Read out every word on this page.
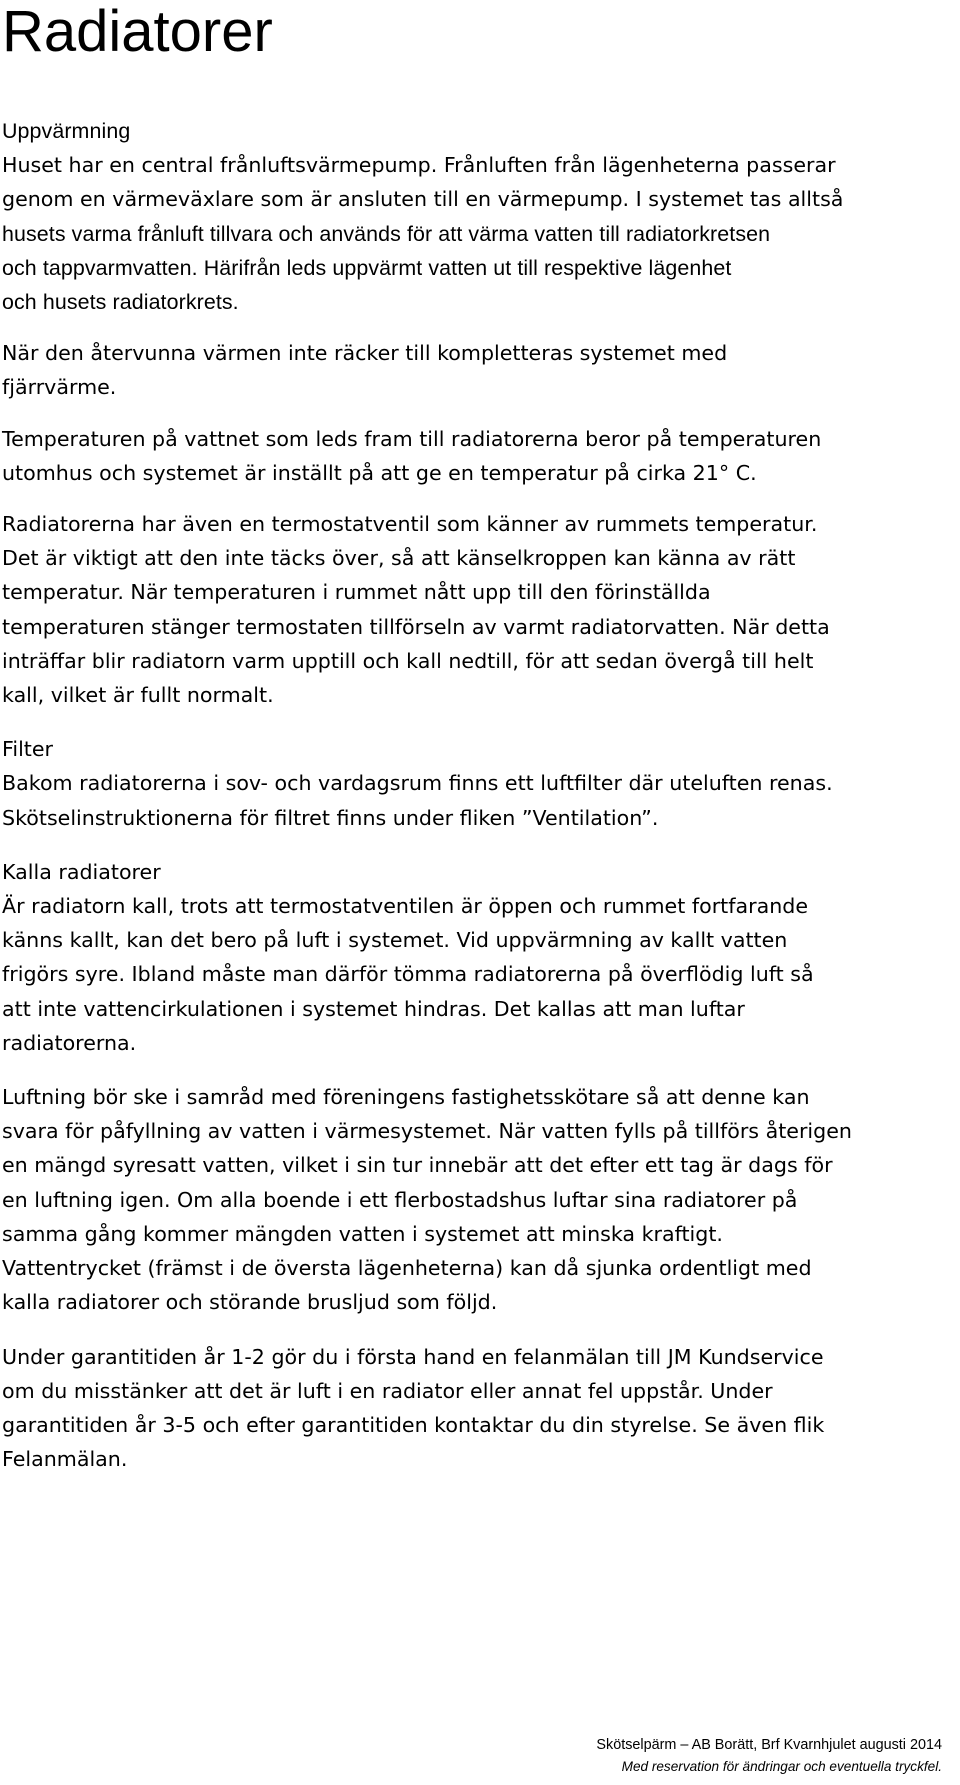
Radiatorer

Uppvärmning

Huset har en central frånluftsvärmepump. Frånluften från lägenheterna passerar

genom en värmeväxlare som är ansluten till en värmepump. I systemet tas alltså

husets varma frånluft tillvara och används för att värma vatten till radiatorkretsen

och tappvarmvatten. Härifrån leds uppvärmt vatten ut till respektive lägenhet

och husets radiatorkrets.

När den återvunna värmen inte räcker till kompletteras systemet med

fjärrvärme.

Temperaturen på vattnet som leds fram till radiatorerna beror på temperaturen

utomhus och systemet är inställt på att ge en temperatur på cirka 21° C.

Radiatorerna har även en termostatventil som känner av rummets temperatur.

Det är viktigt att den inte täcks över, så att känselkroppen kan känna av rätt

temperatur. När temperaturen i rummet nått upp till den förinställda

temperaturen stänger termostaten tillförseln av varmt radiatorvatten. När detta

inträffar blir radiatorn varm upptill och kall nedtill, för att sedan övergå till helt

kall, vilket är fullt normalt.

Filter

Bakom radiatorerna i sov- och vardagsrum finns ett luftfilter där uteluften renas.

Skötselinstruktionerna för filtret finns under fliken ”Ventilation”.

Kalla radiatorer

Är radiatorn kall, trots att termostatventilen är öppen och rummet fortfarande

känns kallt, kan det bero på luft i systemet. Vid uppvärmning av kallt vatten

frigörs syre. Ibland måste man därför tömma radiatorerna på överflödig luft så

att inte vattencirkulationen i systemet hindras. Det kallas att man luftar

radiatorerna.

Luftning bör ske i samråd med föreningens fastighetsskötare så att denne kan

svara för påfyllning av vatten i värmesystemet. När vatten fylls på tillförs återigen

en mängd syresatt vatten, vilket i sin tur innebär att det efter ett tag är dags för

en luftning igen. Om alla boende i ett flerbostadshus luftar sina radiatorer på

samma gång kommer mängden vatten i systemet att minska kraftigt.

Vattentrycket (främst i de översta lägenheterna) kan då sjunka ordentligt med

kalla radiatorer och störande brusljud som följd.

Under garantitiden år 1-2 gör du i första hand en felanmälan till JM Kundservice

om du misstänker att det är luft i en radiator eller annat fel uppstår. Under

garantitiden år 3-5 och efter garantitiden kontaktar du din styrelse. Se även flik

Felanmälan.

Skötselpärm – AB Borätt, Brf Kvarnhjulet augusti 2014
Med reservation för ändringar och eventuella tryckfel.
